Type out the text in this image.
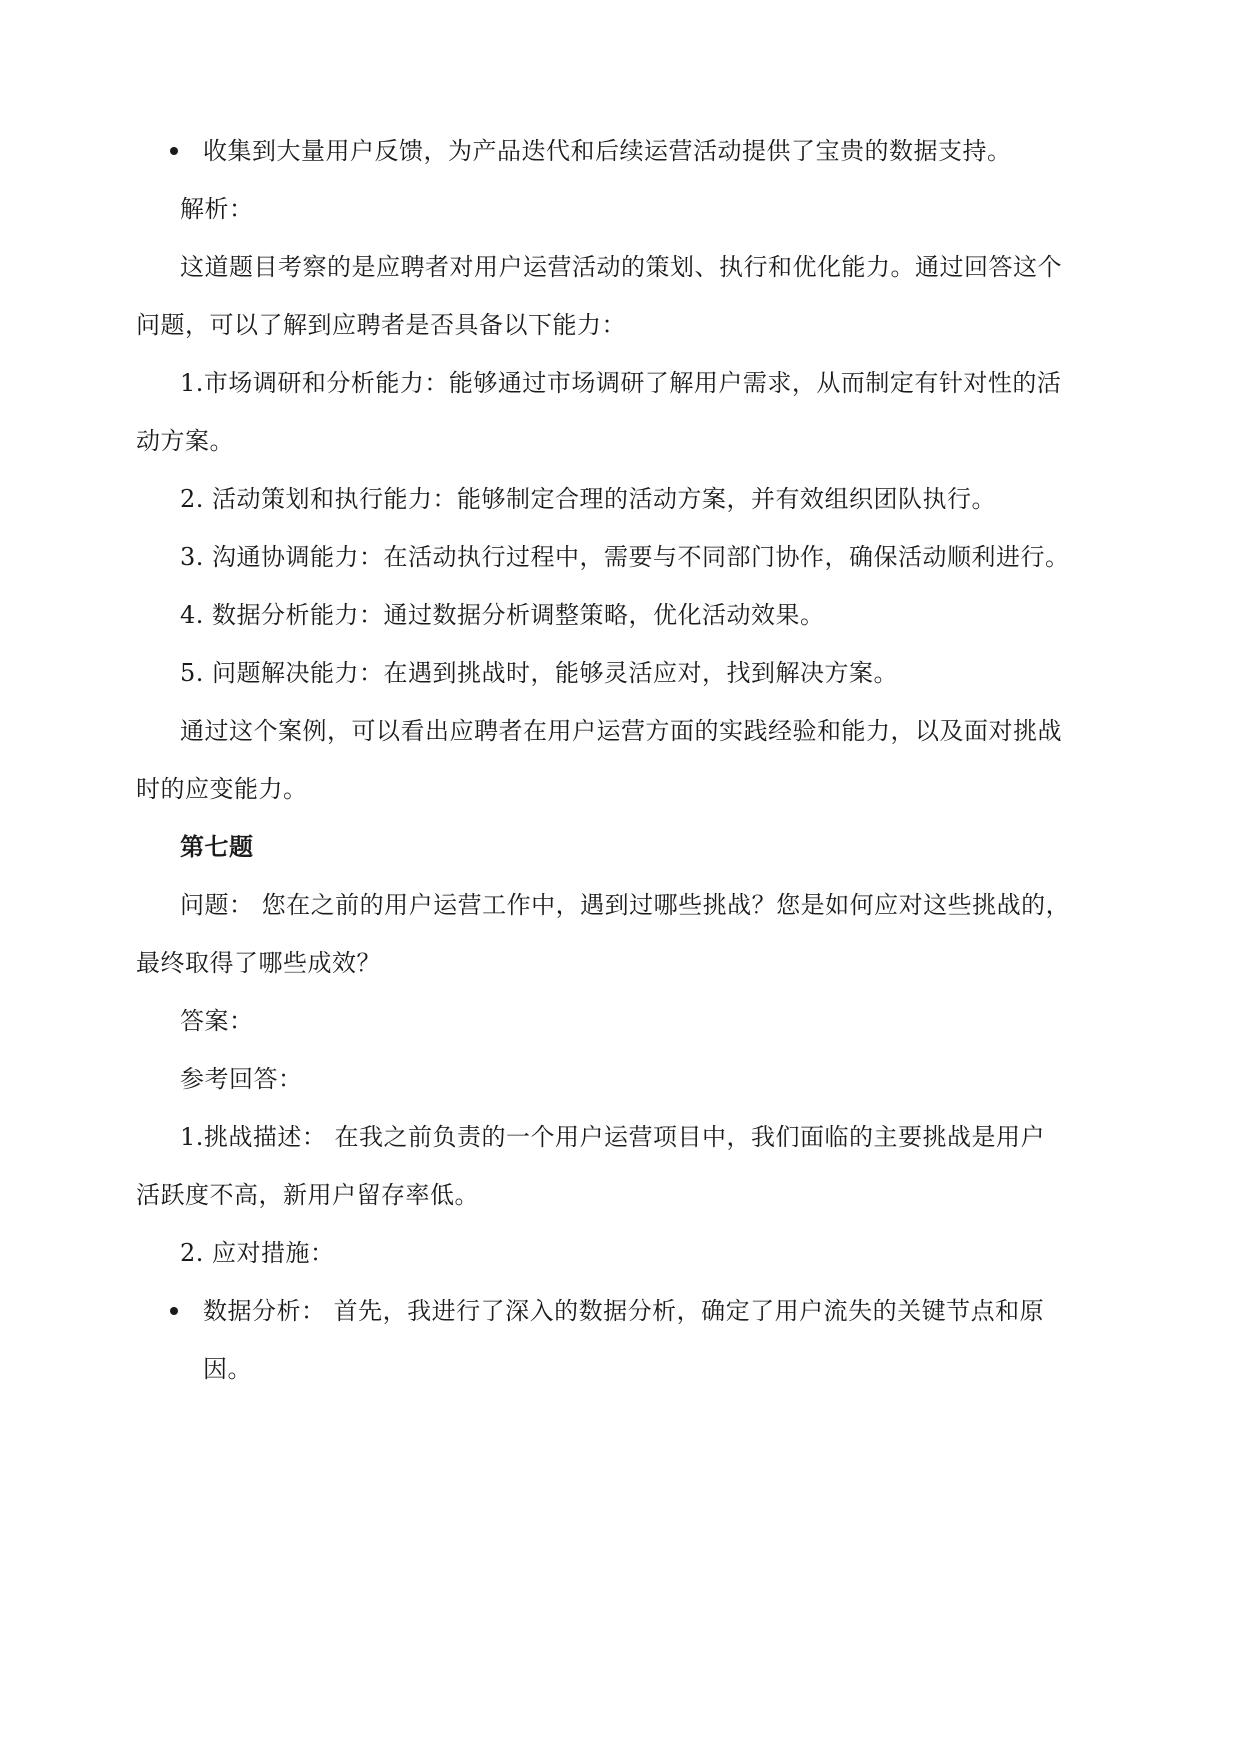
收集到大量用户反馈，为产品迭代和后续运营活动提供了宝贵的数据支持。
解析：
这道题目考察的是应聘者对用户运营活动的策划、执行和优化能力。通过回答这个
问题，可以了解到应聘者是否具备以下能力：
1.市场调研和分析能力：能够通过市场调研了解用户需求，从而制定有针对性的活
动方案。
2. 活动策划和执行能力：能够制定合理的活动方案，并有效组织团队执行。
3. 沟通协调能力：在活动执行过程中，需要与不同部门协作，确保活动顺利进行。
4. 数据分析能力：通过数据分析调整策略，优化活动效果。
5. 问题解决能力：在遇到挑战时，能够灵活应对，找到解决方案。
通过这个案例，可以看出应聘者在用户运营方面的实践经验和能力，以及面对挑战
时的应变能力。
第七题
问题： 您在之前的用户运营工作中，遇到过哪些挑战？您是如何应对这些挑战的，
最终取得了哪些成效？
答案：
参考回答：
1.挑战描述： 在我之前负责的一个用户运营项目中，我们面临的主要挑战是用户
活跃度不高，新用户留存率低。
2. 应对措施：
数据分析： 首先，我进行了深入的数据分析，确定了用户流失的关键节点和原
因。
